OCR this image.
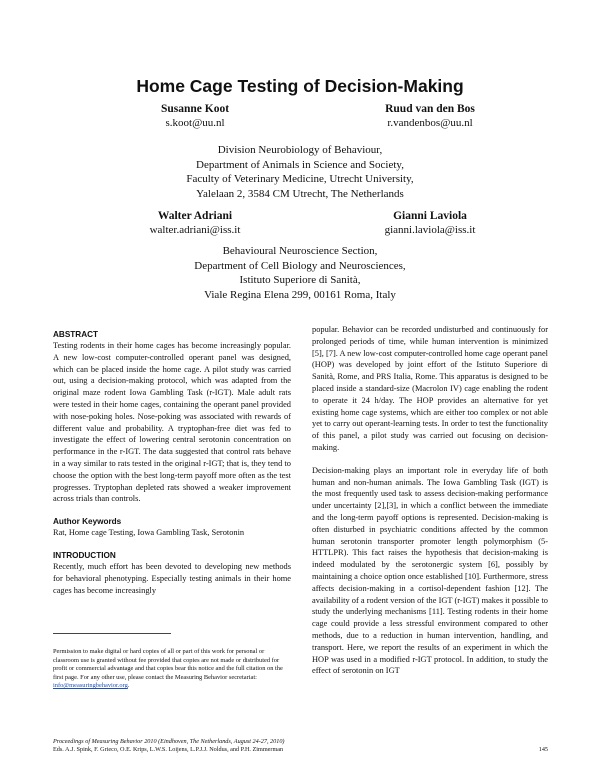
Home Cage Testing of Decision-Making
Susanne Koot
s.koot@uu.nl
Ruud van den Bos
r.vandenbos@uu.nl
Division Neurobiology of Behaviour,
Department of Animals in Science and Society,
Faculty of Veterinary Medicine, Utrecht University,
Yalelaan 2, 3584 CM Utrecht, The Netherlands
Walter Adriani
walter.adriani@iss.it
Gianni Laviola
gianni.laviola@iss.it
Behavioural Neuroscience Section,
Department of Cell Biology and Neurosciences,
Istituto Superiore di Sanità,
Viale Regina Elena 299, 00161 Roma, Italy
ABSTRACT

Testing rodents in their home cages has become increasingly popular. A new low-cost computer-controlled operant panel was designed, which can be placed inside the home cage. A pilot study was carried out, using a decision-making protocol, which was adapted from the original maze rodent Iowa Gambling Task (r-IGT). Male adult rats were tested in their home cages, containing the operant panel provided with nose-poking holes. Nose-poking was associated with rewards of different value and probability. A tryptophan-free diet was fed to investigate the effect of lowering central serotonin concentration on performance in the r-IGT. The data suggested that control rats behave in a way similar to rats tested in the original r-IGT; that is, they tend to choose the option with the best long-term payoff more often as the test progresses. Tryptophan depleted rats showed a weaker improvement across trials than controls.

Author Keywords

Rat, Home cage Testing, Iowa Gambling Task, Serotonin

INTRODUCTION

Recently, much effort has been devoted to developing new methods for behavioral phenotyping. Especially testing animals in their home cages has become increasingly

Permission to make digital or hard copies of all or part of this work for personal or classroom use is granted without fee provided that copies are not made or distributed for profit or commercial advantage and that copies bear this notice and the full citation on the first page. For any other use, please contact the Measuring Behavior secretariat: info@measuringbehavior.org.

popular. Behavior can be recorded undisturbed and continuously for prolonged periods of time, while human intervention is minimized [5], [7]. A new low-cost computer-controlled home cage operant panel (HOP) was developed by joint effort of the Istituto Superiore di Sanità, Rome, and PRS Italia, Rome. This apparatus is designed to be placed inside a standard-size (Macrolon IV) cage enabling the rodent to operate it 24 h/day. The HOP provides an alternative for yet existing home cage systems, which are either too complex or not able yet to carry out operant-learning tests. In order to test the functionality of this panel, a pilot study was carried out focusing on decision-making.

Decision-making plays an important role in everyday life of both human and non-human animals. The Iowa Gambling Task (IGT) is the most frequently used task to assess decision-making performance under uncertainty [2],[3], in which a conflict between the immediate and the long-term payoff options is represented. Decision-making is often disturbed in psychiatric conditions affected by the common human serotonin transporter promoter length polymorphism (5-HTTLPR). This fact raises the hypothesis that decision-making is indeed modulated by the serotonergic system [6], possibly by maintaining a choice option once established [10]. Furthermore, stress affects decision-making in a cortisol-dependent fashion [12]. The availability of a rodent version of the IGT (r-IGT) makes it possible to study the underlying mechanisms [11]. Testing rodents in their home cage could provide a less stressful environment compared to other methods, due to a reduction in human intervention, handling, and transport. Here, we report the results of an experiment in which the HOP was used in a modified r-IGT protocol. In addition, to study the effect of serotonin on IGT

Proceedings of Measuring Behavior 2010 (Eindhoven, The Netherlands, August 24-27, 2010)
Eds. A.J. Spink, F. Grieco, O.E. Krips, L.W.S. Loijens, L.P.J.J. Noldus, and P.H. Zimmerman	145
